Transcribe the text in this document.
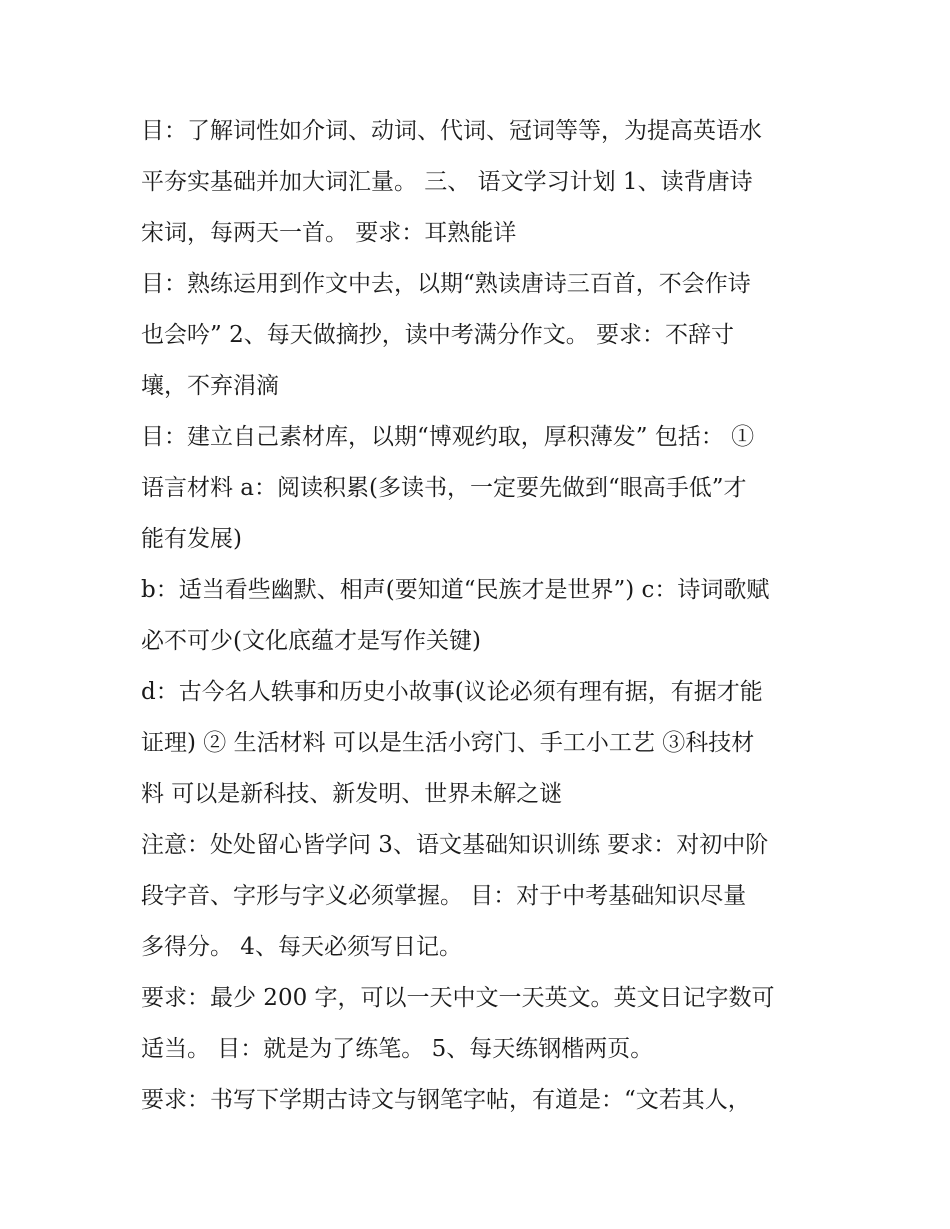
目：了解词性如介词、动词、代词、冠词等等，为提高英语水
平夯实基础并加大词汇量。 三、 语文学习计划 1、读背唐诗
宋词，每两天一首。 要求：耳熟能详
目：熟练运用到作文中去，以期“熟读唐诗三百首，不会作诗
也会吟” 2、每天做摘抄，读中考满分作文。 要求：不辞寸
壤，不弃涓滴
目：建立自己素材库，以期“博观约取，厚积薄发” 包括： ①
语言材料 a：阅读积累(多读书，一定要先做到“眼高手低”才
能有发展)
b：适当看些幽默、相声(要知道“民族才是世界”) c：诗词歌赋
必不可少(文化底蕴才是写作关键)
d：古今名人轶事和历史小故事(议论必须有理有据，有据才能
证理) ② 生活材料 可以是生活小窍门、手工小工艺 ③科技材
料 可以是新科技、新发明、世界未解之谜
注意：处处留心皆学问 3、语文基础知识训练 要求：对初中阶
段字音、字形与字义必须掌握。 目：对于中考基础知识尽量
多得分。 4、每天必须写日记。
要求：最少 200 字，可以一天中文一天英文。英文日记字数可
适当。 目：就是为了练笔。 5、每天练钢楷两页。
要求：书写下学期古诗文与钢笔字帖，有道是：“文若其人，
